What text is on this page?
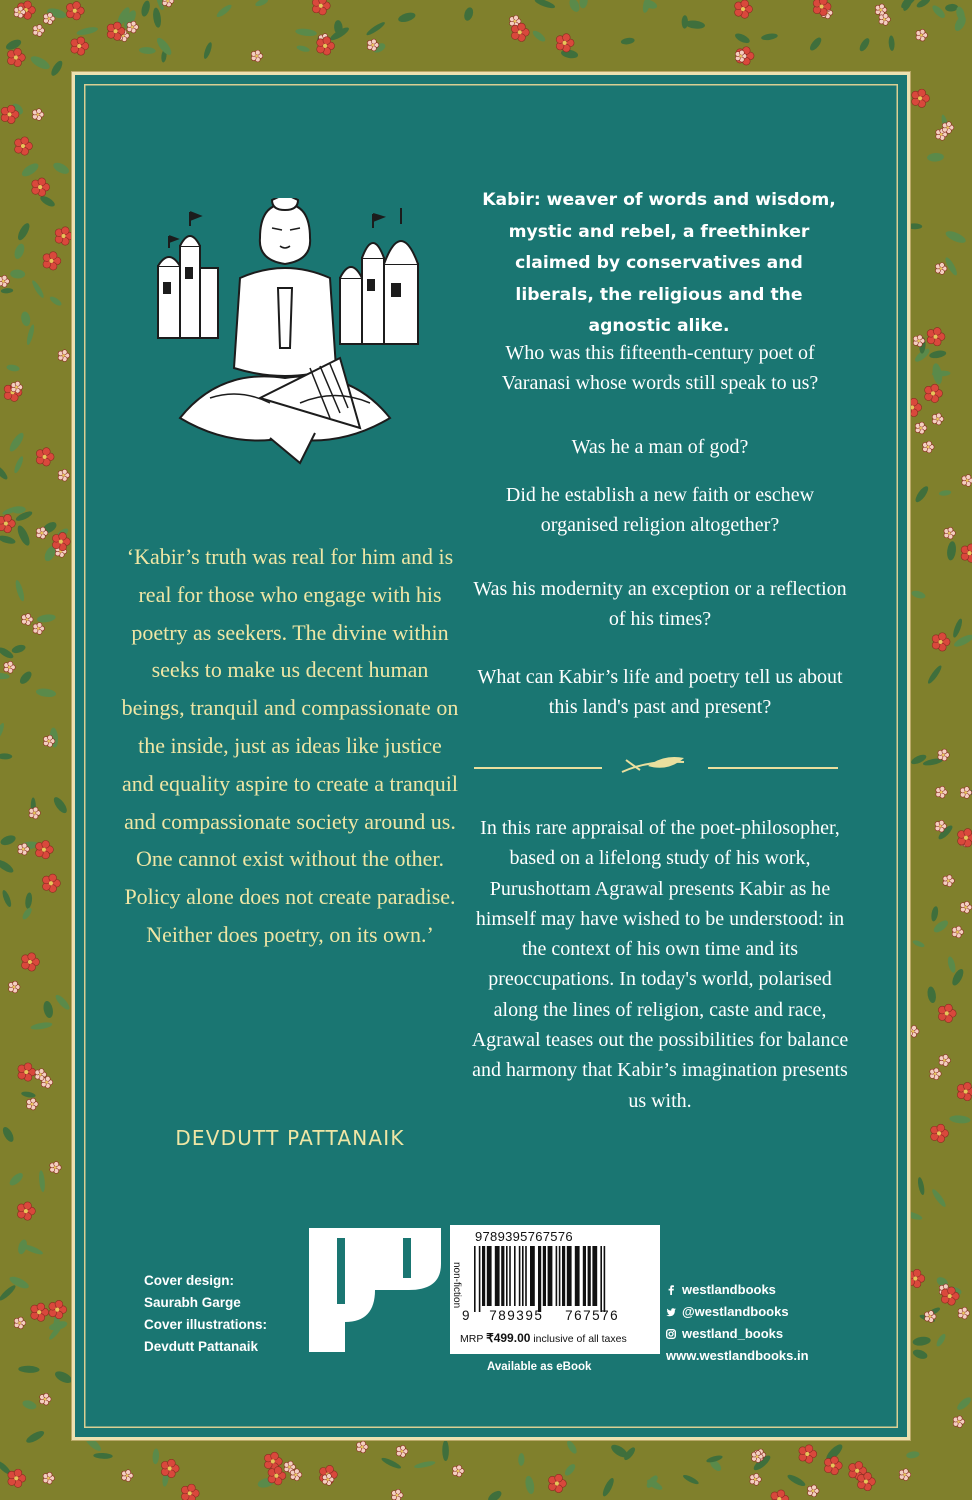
‘Kabir’s truth was real for him and is real for those who engage with his poetry as seekers. The divine within seeks to make us decent human beings, tranquil and compassionate on the inside, just as ideas like justice and equality aspire to create a tranquil and compassionate society around us. One cannot exist without the other. Policy alone does not create paradise. Neither does poetry, on its own.’
DEVDUTT PATTANAIK
Kabir: weaver of words and wisdom, mystic and rebel, a freethinker claimed by conservatives and liberals, the religious and the agnostic alike.
Who was this fifteenth-century poet of Varanasi whose words still speak to us?
Was he a man of god?
Did he establish a new faith or eschew organised religion altogether?
Was his modernity an exception or a reflection of his times?
What can Kabir’s life and poetry tell us about this land's past and present?
In this rare appraisal of the poet-philosopher, based on a lifelong study of his work, Purushottam Agrawal presents Kabir as he himself may have wished to be understood: in the context of his own time and its preoccupations. In today's world, polarised along the lines of religion, caste and race, Agrawal teases out the possibilities for balance and harmony that Kabir’s imagination presents us with.
Cover design:
Saurabh Garge
Cover illustrations:
Devdutt Pattanaik
9789395767576
non-fiction
9 789395 767576
MRP ₹499.00 inclusive of all taxes
Available as eBook
westlandbooks
@westlandbooks
westland_books
www.westlandbooks.in
